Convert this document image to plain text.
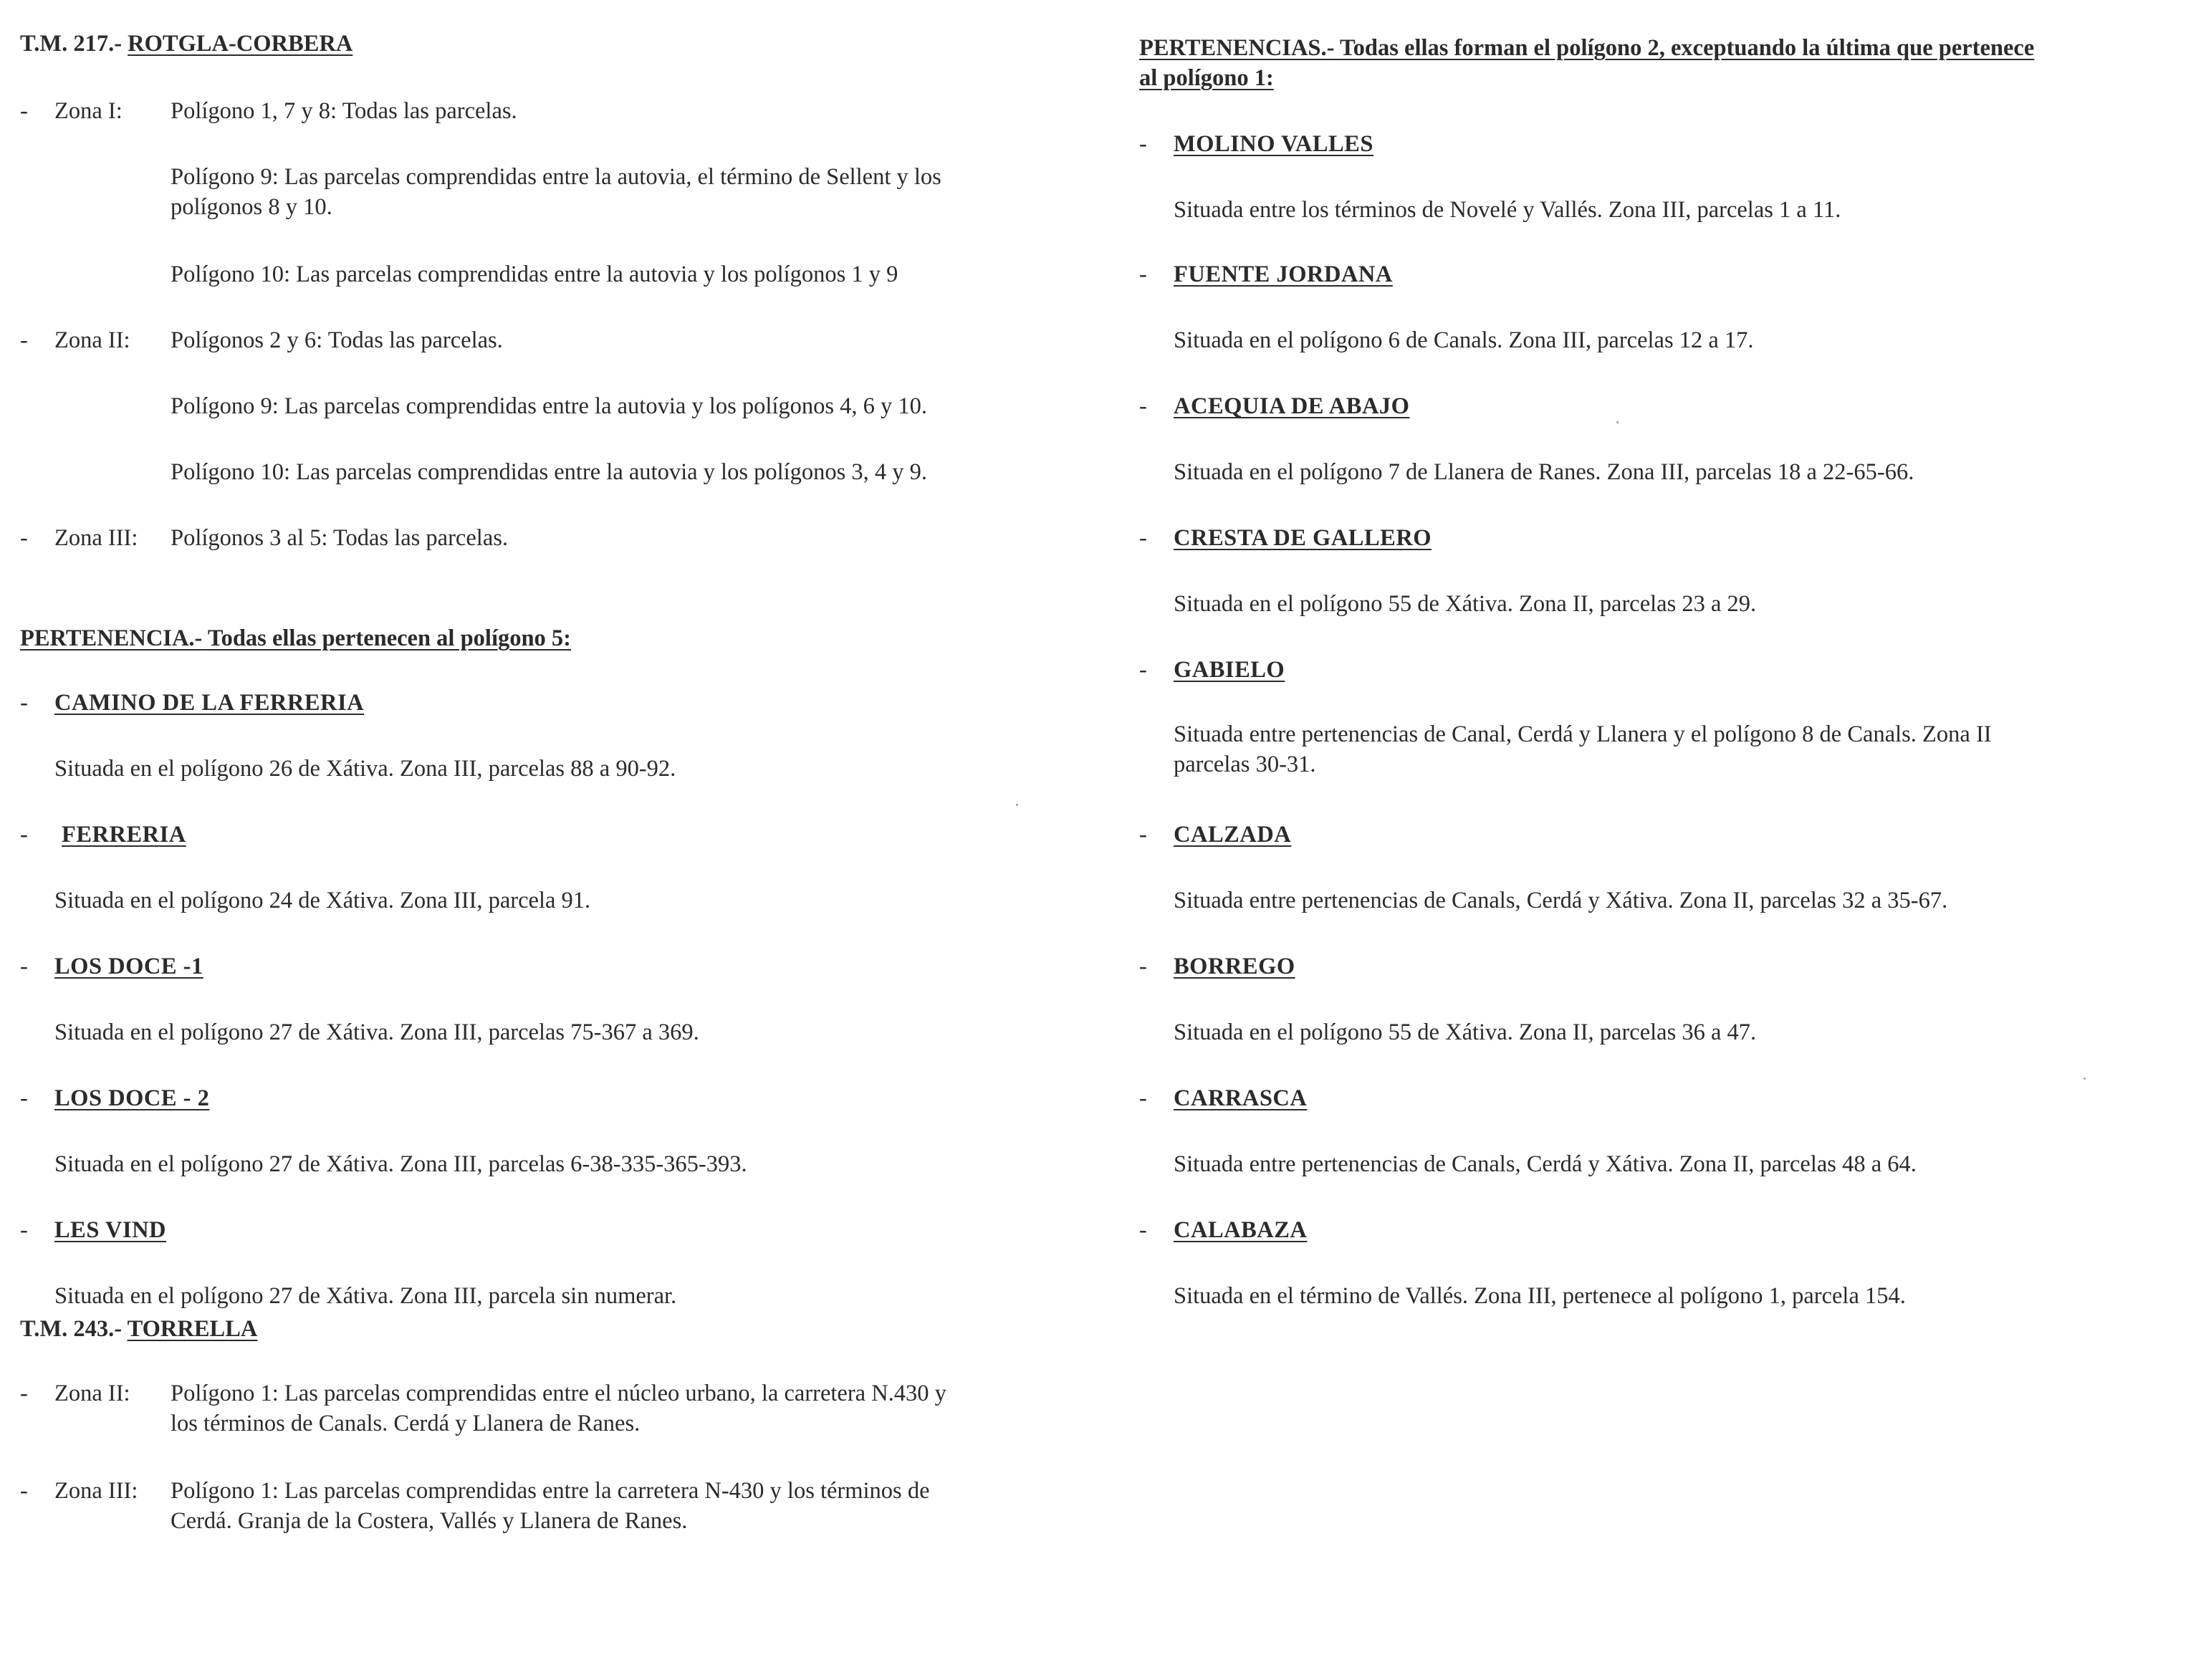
T.M. 217.- ROTGLA-CORBERA
- Zona I: Polígono 1, 7 y 8: Todas las parcelas.
Polígono 9: Las parcelas comprendidas entre la autovia, el término de Sellent y los
polígonos 8 y 10.
Polígono 10: Las parcelas comprendidas entre la autovia y los polígonos 1 y 9
- Zona II: Polígonos 2 y 6: Todas las parcelas.
Polígono 9: Las parcelas comprendidas entre la autovia y los polígonos 4, 6 y 10.
Polígono 10: Las parcelas comprendidas entre la autovia y los polígonos 3, 4 y 9.
- Zona III: Polígonos 3 al 5: Todas las parcelas.
PERTENENCIA.- Todas ellas pertenecen al polígono 5:
- CAMINO DE LA FERRERIA
Situada en el polígono 26 de Xátiva. Zona III, parcelas 88 a 90-92.
- FERRERIA
Situada en el polígono 24 de Xátiva. Zona III, parcela 91.
- LOS DOCE -1
Situada en el polígono 27 de Xátiva. Zona III, parcelas 75-367 a 369.
- LOS DOCE - 2
Situada en el polígono 27 de Xátiva. Zona III, parcelas 6-38-335-365-393.
- LES VIND
Situada en el polígono 27 de Xátiva. Zona III, parcela sin numerar.
T.M. 243.- TORRELLA
- Zona II: Polígono 1: Las parcelas comprendidas entre el núcleo urbano, la carretera N.430 y
los términos de Canals. Cerdá y Llanera de Ranes.
- Zona III: Polígono 1: Las parcelas comprendidas entre la carretera N-430 y los términos de
Cerdá. Granja de la Costera, Vallés y Llanera de Ranes.
PERTENENCIAS.- Todas ellas forman el polígono 2, exceptuando la última que pertenece
al polígono 1:
- MOLINO VALLES
Situada entre los términos de Novelé y Vallés. Zona III, parcelas 1 a 11.
- FUENTE JORDANA
Situada en el polígono 6 de Canals. Zona III, parcelas 12 a 17.
- ACEQUIA DE ABAJO
Situada en el polígono 7 de Llanera de Ranes. Zona III, parcelas 18 a 22-65-66.
- CRESTA DE GALLERO
Situada en el polígono 55 de Xátiva. Zona II, parcelas 23 a 29.
- GABIELO
Situada entre pertenencias de Canal, Cerdá y Llanera y el polígono 8 de Canals. Zona II
parcelas 30-31.
- CALZADA
Situada entre pertenencias de Canals, Cerdá y Xátiva. Zona II, parcelas 32 a 35-67.
- BORREGO
Situada en el polígono 55 de Xátiva. Zona II, parcelas 36 a 47.
- CARRASCA
Situada entre pertenencias de Canals, Cerdá y Xátiva. Zona II, parcelas 48 a 64.
- CALABAZA
Situada en el término de Vallés. Zona III, pertenece al polígono 1, parcela 154.
